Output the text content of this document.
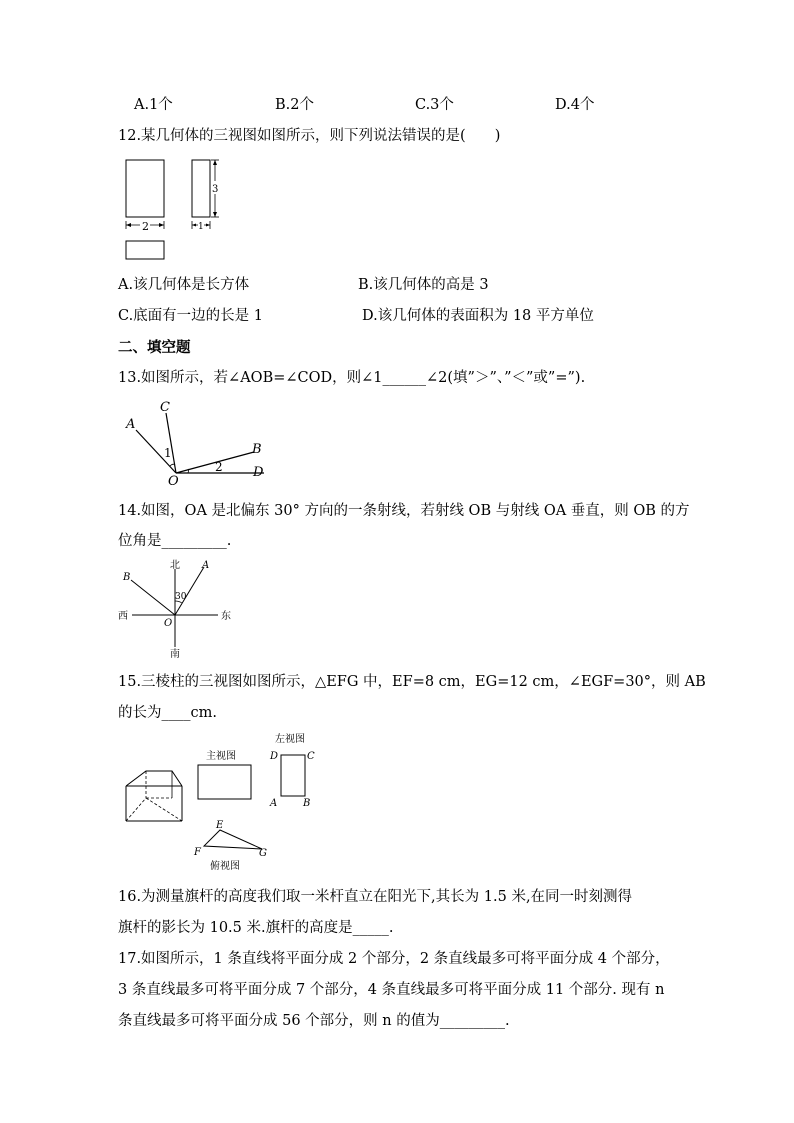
A.1个	B.2个	C.3个	D.4个
12.某几何体的三视图如图所示，则下列说法错误的是(　　)
2
3
1
A.该几何体是长方体	B.该几何体的高是 3
C.底面有一边的长是 1	D.该几何体的表面积为 18 平方单位
二、填空题
13.如图所示，若∠AOB=∠COD，则∠1______∠2(填”＞”、”＜”或”=”).
A
C
B
D
O
1
2
14.如图，OA 是北偏东 30° 方向的一条射线，若射线 OB 与射线 OA 垂直，则 OB 的方
位角是_________.
北
南
西	东
A
B
O
30
15.三棱柱的三视图如图所示，△EFG 中，EF=8 cm，EG=12 cm，∠EGF=30°，则 AB
的长为____cm.
主视图
左视图
D	C
A	B
E
F	G
俯视图
16.为测量旗杆的高度我们取一米杆直立在阳光下,其长为 1.5 米,在同一时刻测得
旗杆的影长为 10.5 米.旗杆的高度是_____.
17.如图所示，1 条直线将平面分成 2 个部分，2 条直线最多可将平面分成 4 个部分，
3 条直线最多可将平面分成 7 个部分，4 条直线最多可将平面分成 11 个部分. 现有 n
条直线最多可将平面分成 56 个部分，则 n 的值为_________.
